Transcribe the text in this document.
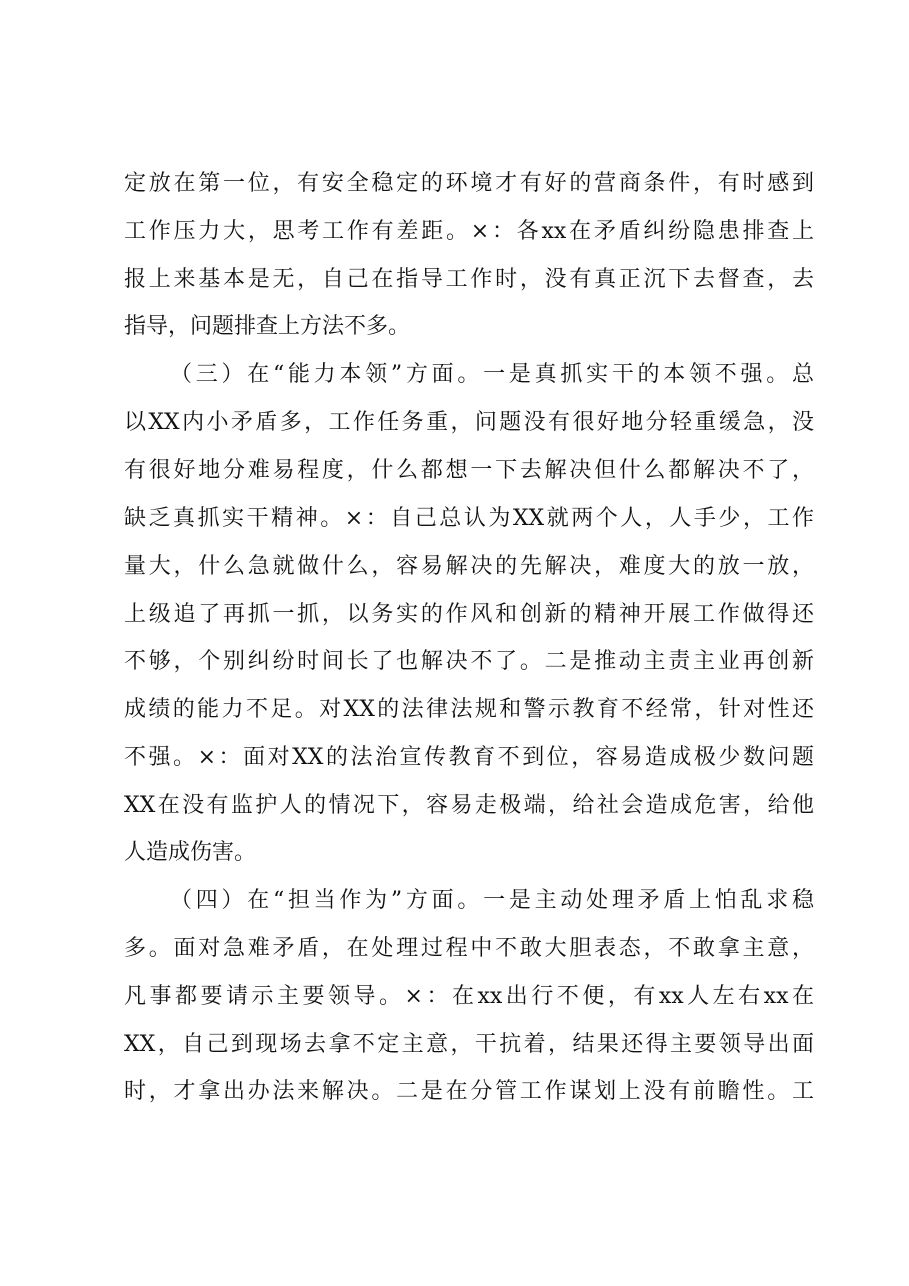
定放在第一位，有安全稳定的环境才有好的营商条件，有时感到
工作压力大，思考工作有差距。×：各xx在矛盾纠纷隐患排查上
报上来基本是无，自己在指导工作时，没有真正沉下去督查，去
指导，问题排查上方法不多。
（三）在“能力本领”方面。一是真抓实干的本领不强。总
以XX内小矛盾多，工作任务重，问题没有很好地分轻重缓急，没
有很好地分难易程度，什么都想一下去解决但什么都解决不了，
缺乏真抓实干精神。×：自己总认为XX就两个人，人手少，工作
量大，什么急就做什么，容易解决的先解决，难度大的放一放，
上级追了再抓一抓，以务实的作风和创新的精神开展工作做得还
不够，个别纠纷时间长了也解决不了。二是推动主责主业再创新
成绩的能力不足。对XX的法律法规和警示教育不经常，针对性还
不强。×：面对XX的法治宣传教育不到位，容易造成极少数问题
XX在没有监护人的情况下，容易走极端，给社会造成危害，给他
人造成伤害。
（四）在“担当作为”方面。一是主动处理矛盾上怕乱求稳
多。面对急难矛盾，在处理过程中不敢大胆表态，不敢拿主意，
凡事都要请示主要领导。×：在xx出行不便，有xx人左右xx在
XX，自己到现场去拿不定主意，干抗着，结果还得主要领导出面
时，才拿出办法来解决。二是在分管工作谋划上没有前瞻性。工
